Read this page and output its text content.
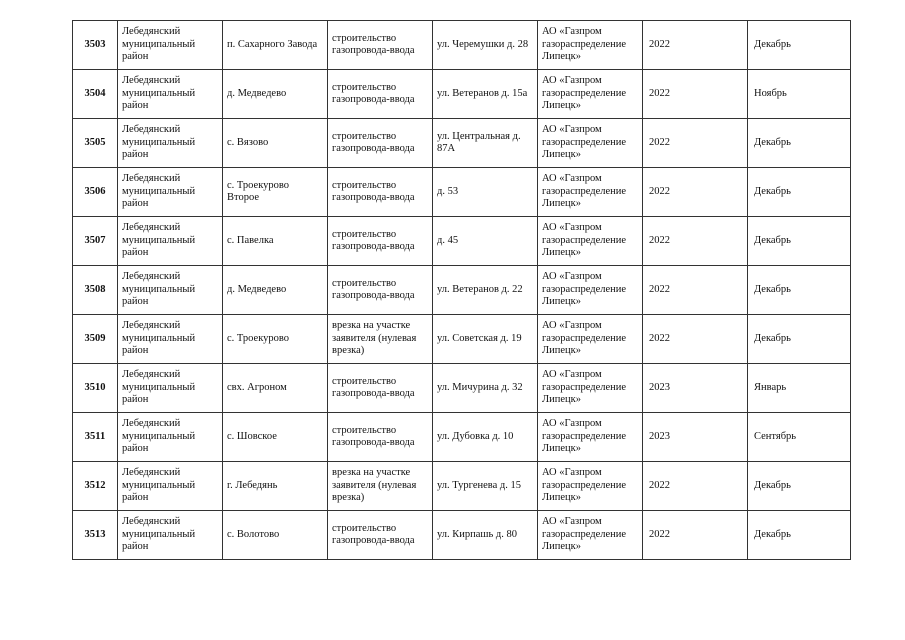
3503	Лебедянский муниципальный район	п. Сахарного Завода	строительство газопровода-ввода	ул. Черемушки д. 28	АО «Газпром газораспределение Липецк»	2022	Декабрь
3504	Лебедянский муниципальный район	д. Медведево	строительство газопровода-ввода	ул. Ветеранов д. 15а	АО «Газпром газораспределение Липецк»	2022	Ноябрь
3505	Лебедянский муниципальный район	с. Вязово	строительство газопровода-ввода	ул. Центральная д. 87А	АО «Газпром газораспределение Липецк»	2022	Декабрь
3506	Лебедянский муниципальный район	с. Троекурово Второе	строительство газопровода-ввода	д. 53	АО «Газпром газораспределение Липецк»	2022	Декабрь
3507	Лебедянский муниципальный район	с. Павелка	строительство газопровода-ввода	д. 45	АО «Газпром газораспределение Липецк»	2022	Декабрь
3508	Лебедянский муниципальный район	д. Медведево	строительство газопровода-ввода	ул. Ветеранов д. 22	АО «Газпром газораспределение Липецк»	2022	Декабрь
3509	Лебедянский муниципальный район	с. Троекурово	врезка на участке заявителя (нулевая врезка)	ул. Советская д. 19	АО «Газпром газораспределение Липецк»	2022	Декабрь
3510	Лебедянский муниципальный район	свх. Агроном	строительство газопровода-ввода	ул. Мичурина д. 32	АО «Газпром газораспределение Липецк»	2023	Январь
3511	Лебедянский муниципальный район	с. Шовское	строительство газопровода-ввода	ул. Дубовка д. 10	АО «Газпром газораспределение Липецк»	2023	Сентябрь
3512	Лебедянский муниципальный район	г. Лебедянь	врезка на участке заявителя (нулевая врезка)	ул. Тургенева д. 15	АО «Газпром газораспределение Липецк»	2022	Декабрь
3513	Лебедянский муниципальный район	с. Волотово	строительство газопровода-ввода	ул. Кирпашь д. 80	АО «Газпром газораспределение Липецк»	2022	Декабрь
